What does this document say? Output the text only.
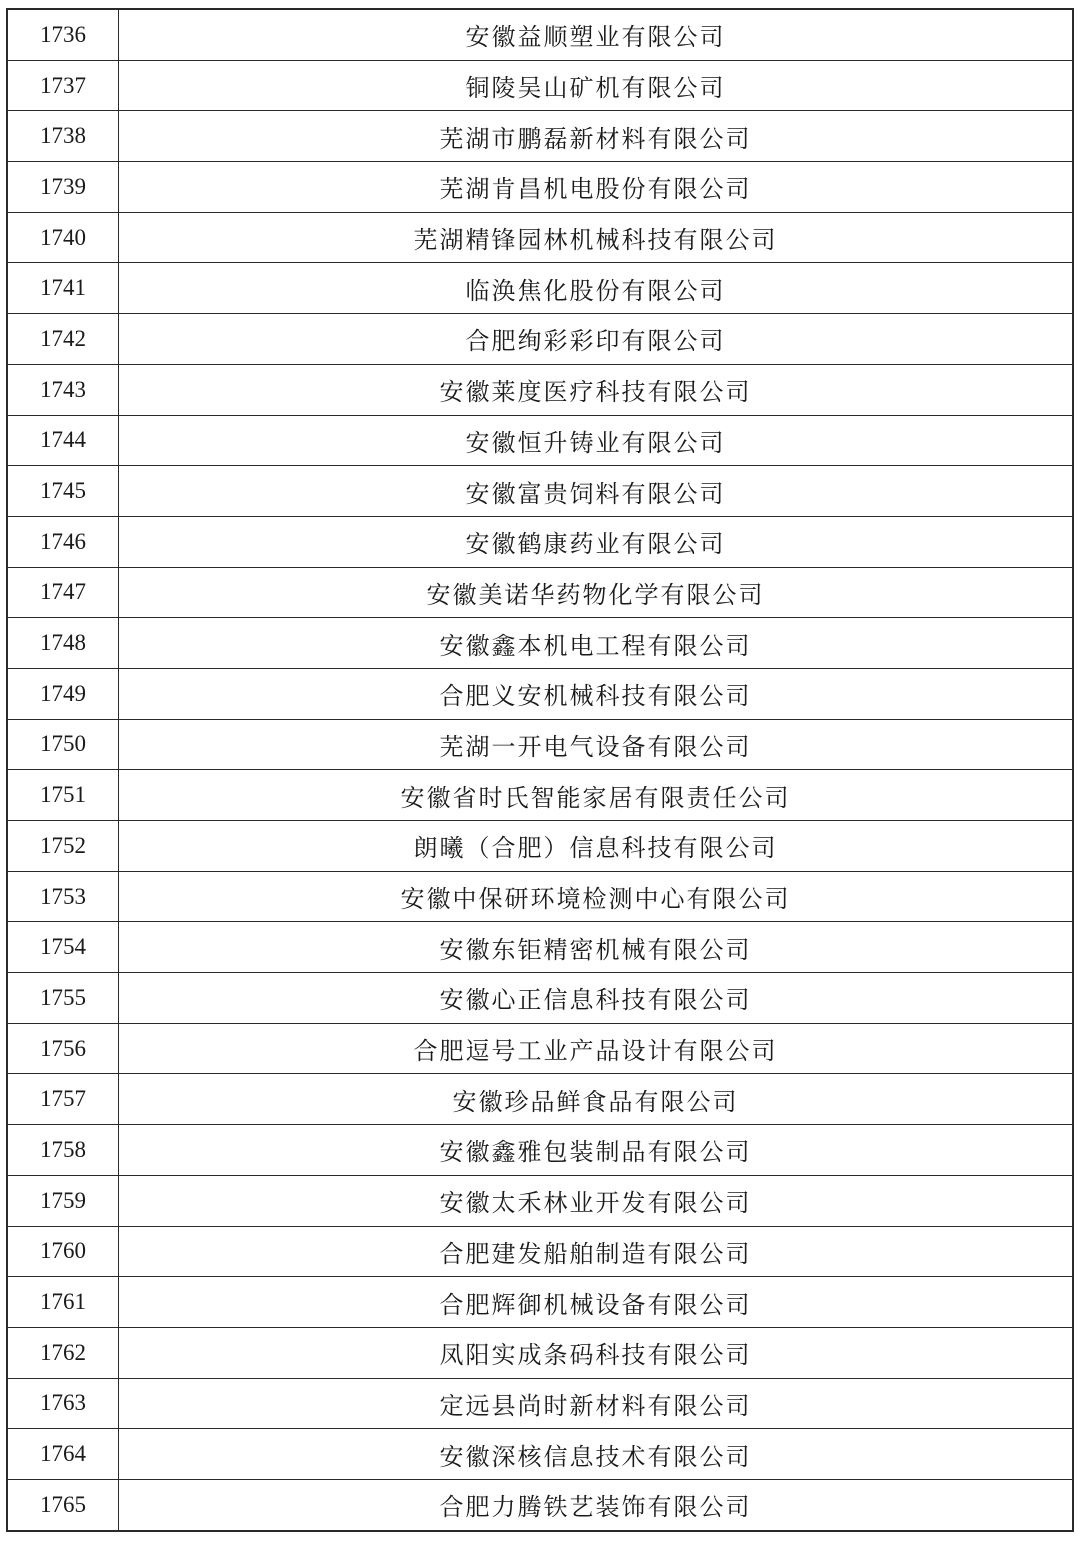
1736	安徽益顺塑业有限公司
1737	铜陵吴山矿机有限公司
1738	芜湖市鹏磊新材料有限公司
1739	芜湖肯昌机电股份有限公司
1740	芜湖精锋园林机械科技有限公司
1741	临涣焦化股份有限公司
1742	合肥绚彩彩印有限公司
1743	安徽莱度医疗科技有限公司
1744	安徽恒升铸业有限公司
1745	安徽富贵饲料有限公司
1746	安徽鹤康药业有限公司
1747	安徽美诺华药物化学有限公司
1748	安徽鑫本机电工程有限公司
1749	合肥义安机械科技有限公司
1750	芜湖一开电气设备有限公司
1751	安徽省时氏智能家居有限责任公司
1752	朗曦（合肥）信息科技有限公司
1753	安徽中保研环境检测中心有限公司
1754	安徽东钜精密机械有限公司
1755	安徽心正信息科技有限公司
1756	合肥逗号工业产品设计有限公司
1757	安徽珍品鲜食品有限公司
1758	安徽鑫雅包装制品有限公司
1759	安徽太禾林业开发有限公司
1760	合肥建发船舶制造有限公司
1761	合肥辉御机械设备有限公司
1762	凤阳实成条码科技有限公司
1763	定远县尚时新材料有限公司
1764	安徽深核信息技术有限公司
1765	合肥力腾铁艺装饰有限公司
